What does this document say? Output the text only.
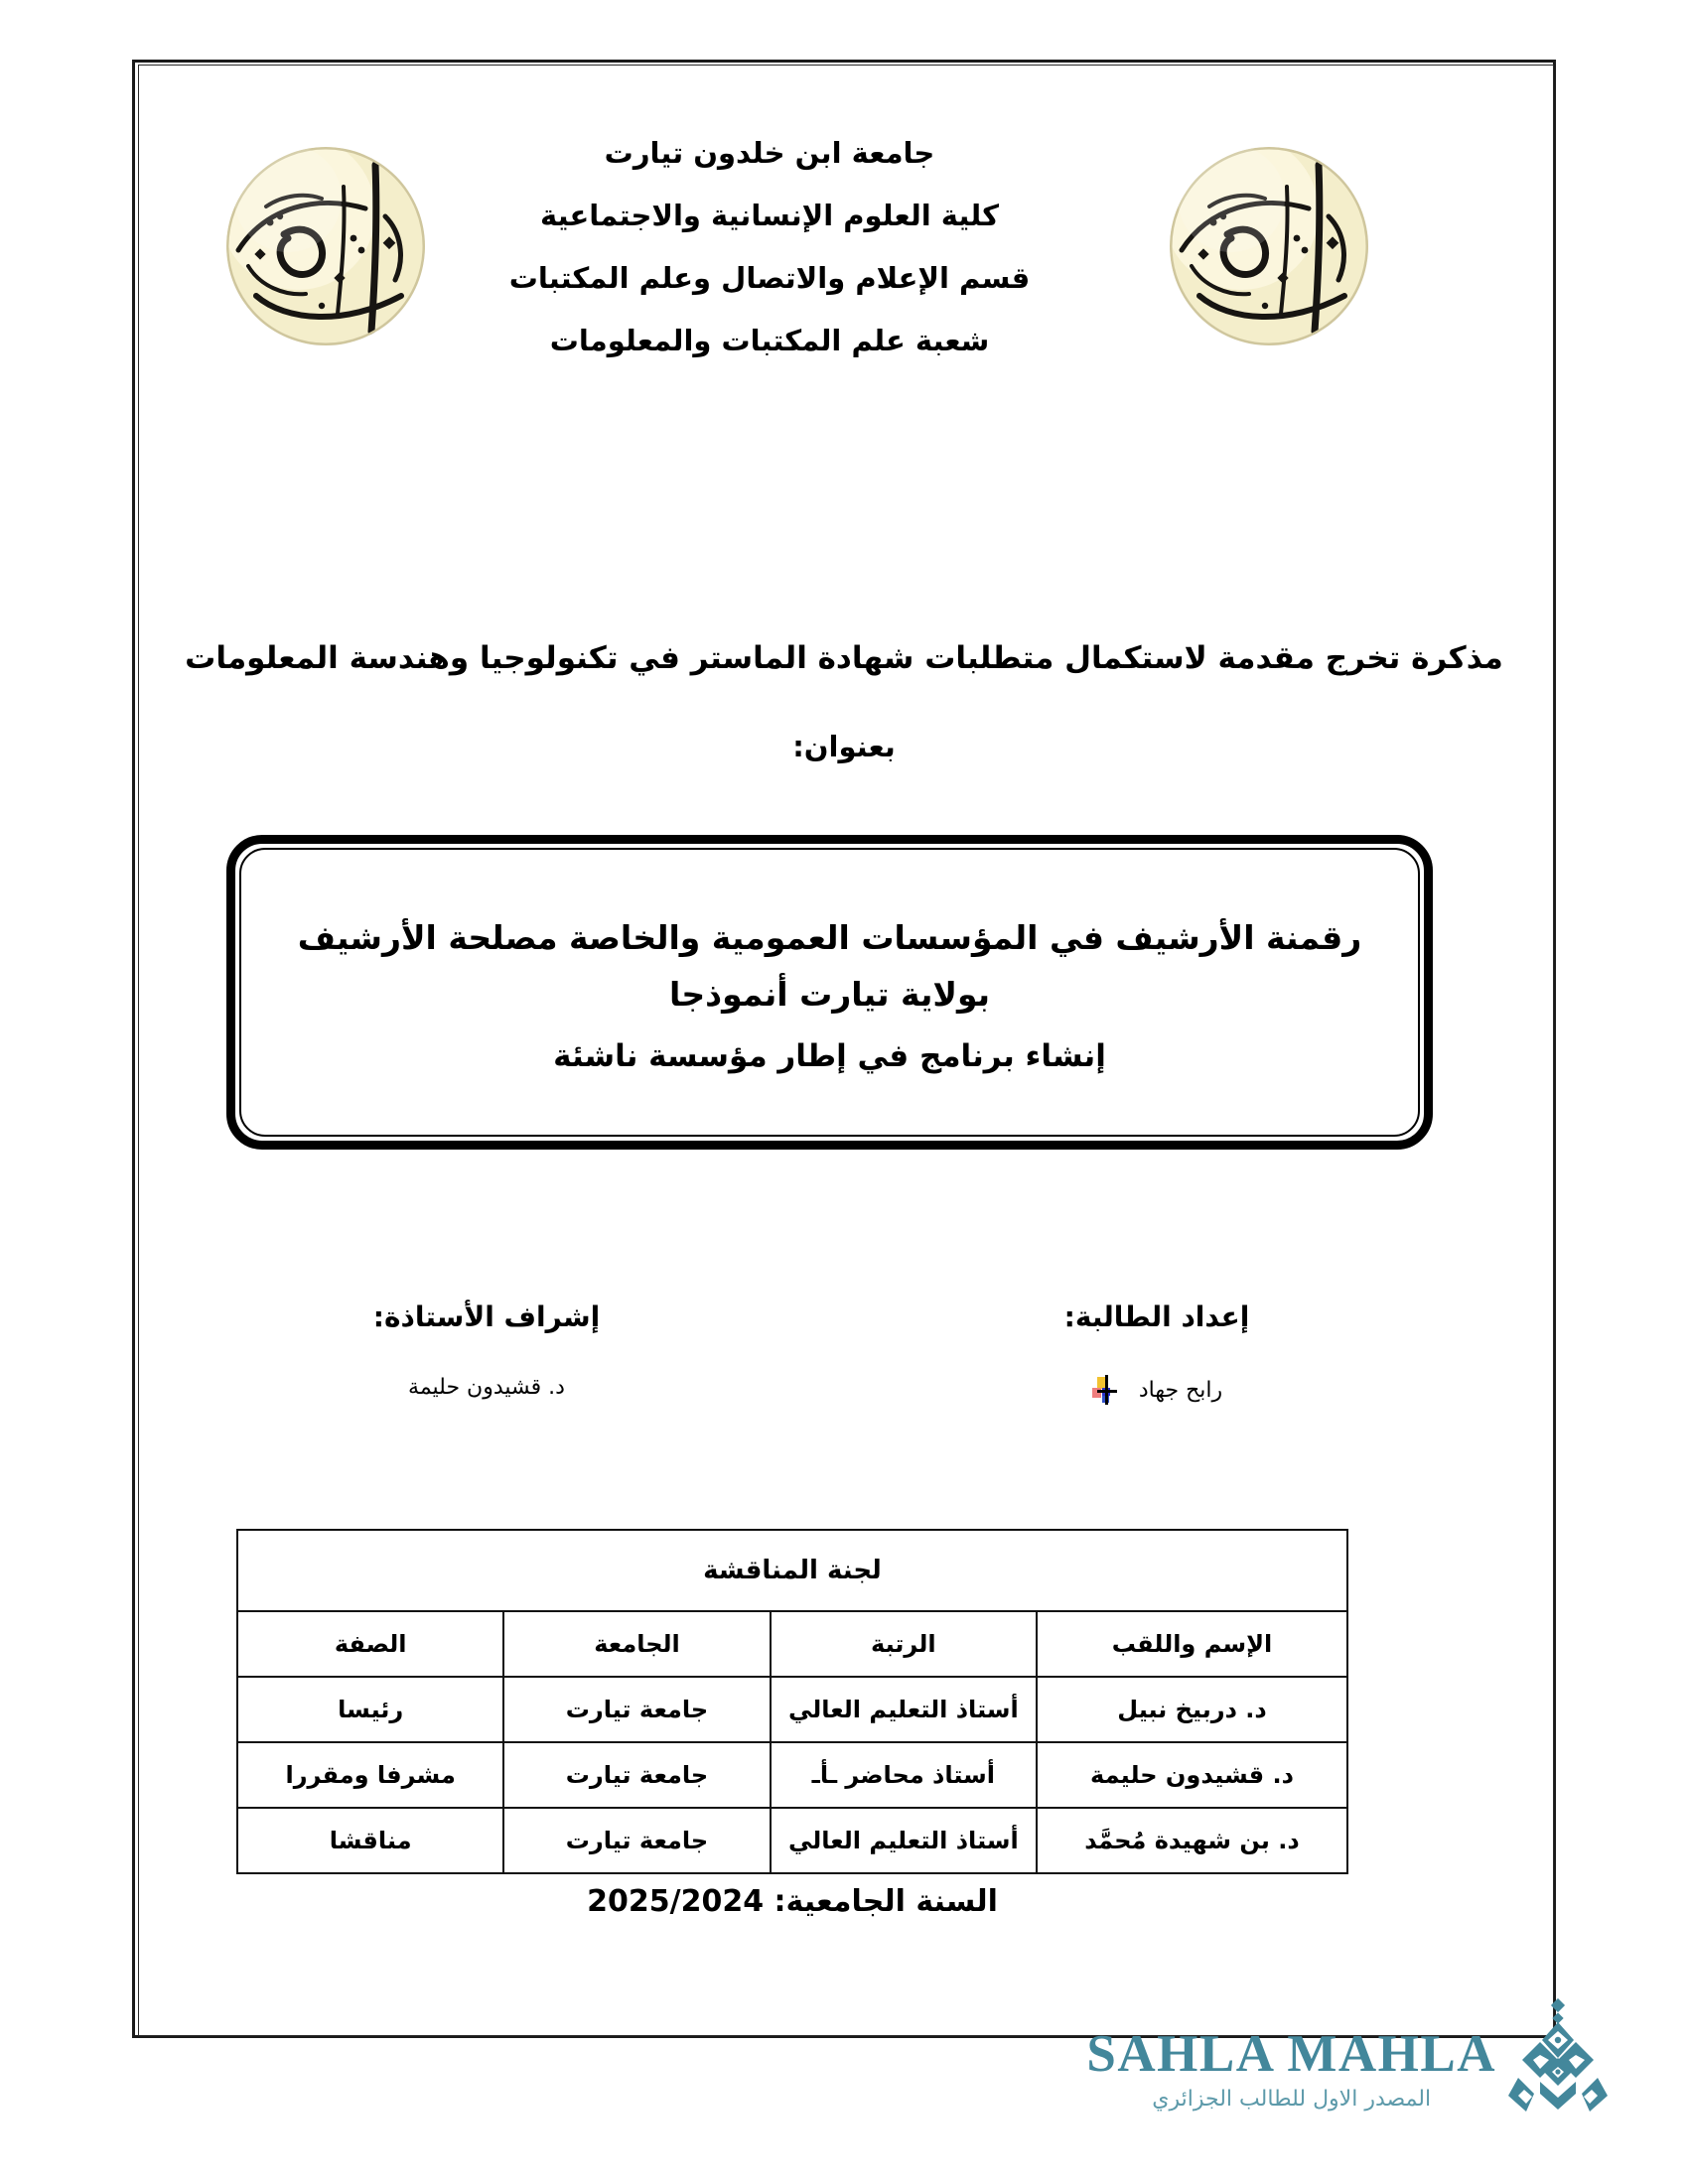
جامعة ابن خلدون تيارت
كلية العلوم الإنسانية والاجتماعية
قسم الإعلام والاتصال وعلم المكتبات
شعبة علم المكتبات والمعلومات
مذكرة تخرج مقدمة لاستكمال متطلبات شهادة الماستر في تكنولوجيا وهندسة المعلومات
بعنوان:
رقمنة الأرشيف في المؤسسات العمومية والخاصة مصلحة الأرشيف بولاية تيارت أنموذجا
إنشاء برنامج في إطار مؤسسة ناشئة
إشراف الأستاذة:
د. قشيدون حليمة
إعداد الطالبة:
رابح جهاد
لجنة المناقشة			
الإسم واللقب	الرتبة	الجامعة	الصفة
د. دربيخ نبيل	أستاذ التعليم العالي	جامعة تيارت	رئيسا
د. قشيدون حليمة	أستاذ محاضر ـأـ	جامعة تيارت	مشرفا ومقررا
د. بن شهيدة مُحمَّد	أستاذ التعليم العالي	جامعة تيارت	مناقشا
السنة الجامعية: 2025/2024
SAHLA MAHLA
المصدر الاول للطالب الجزائري
